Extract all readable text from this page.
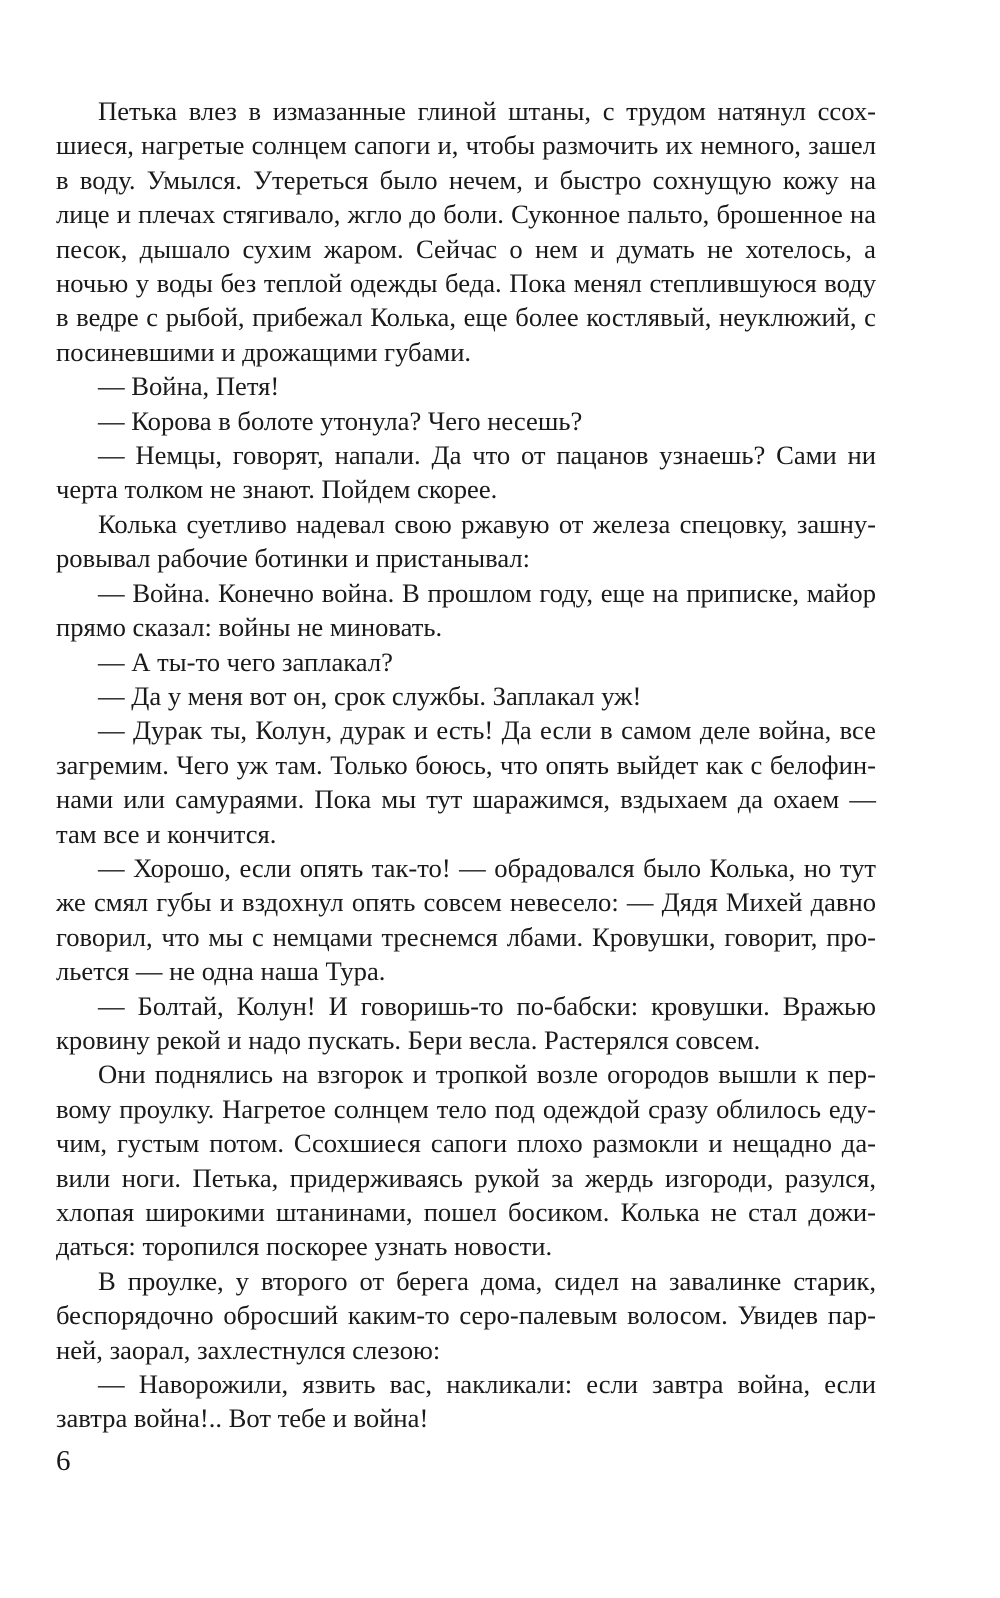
Петька влез в измазанные глиной штаны, с трудом натянул ссохшиеся, нагретые солнцем сапоги и, чтобы размочить их немного, зашел в воду. Умылся. Утереться было нечем, и быстро сохнущую кожу на лице и плечах стягивало, жгло до боли. Суконное пальто, брошенное на песок, дышало сухим жаром. Сейчас о нем и думать не хотелось, а ночью у воды без теплой одежды беда. Пока менял степлившуюся воду в ведре с рыбой, прибежал Колька, еще более костлявый, неуклюжий, с посиневшими и дрожащими губами.

— Война, Петя!

— Корова в болоте утонула? Чего несешь?

— Немцы, говорят, напали. Да что от пацанов узнаешь? Сами ни черта толком не знают. Пойдем скорее.

Колька суетливо надевал свою ржавую от железа спецовку, зашнуровывал рабочие ботинки и пристанывал:

— Война. Конечно война. В прошлом году, еще на приписке, майор прямо сказал: войны не миновать.

— А ты-то чего заплакал?

— Да у меня вот он, срок службы. Заплакал уж!

— Дурак ты, Колун, дурак и есть! Да если в самом деле война, все загремим. Чего уж там. Только боюсь, что опять выйдет как с белофиннами или самураями. Пока мы тут шаражимся, вздыхаем да охаем — там все и кончится.

— Хорошо, если опять так-то! — обрадовался было Колька, но тут же смял губы и вздохнул опять совсем невесело: — Дядя Михей давно говорил, что мы с немцами треснемся лбами. Кровушки, говорит, прольется — не одна наша Тура.

— Болтай, Колун! И говоришь-то по-бабски: кровушки. Вражью кровину рекой и надо пускать. Бери весла. Растерялся совсем.

Они поднялись на взгорок и тропкой возле огородов вышли к первому проулку. Нагретое солнцем тело под одеждой сразу облилось едучим, густым потом. Ссохшиеся сапоги плохо размокли и нещадно давили ноги. Петька, придерживаясь рукой за жердь изгороди, разулся, хлопая широкими штанинами, пошел босиком. Колька не стал дожидаться: торопился поскорее узнать новости.

В проулке, у второго от берега дома, сидел на завалинке старик, беспорядочно обросший каким-то серо-палевым волосом. Увидев парней, заорал, захлестнулся слезою:

— Наворожили, язвить вас, накликали: если завтра война, если завтра война!.. Вот тебе и война!

6
